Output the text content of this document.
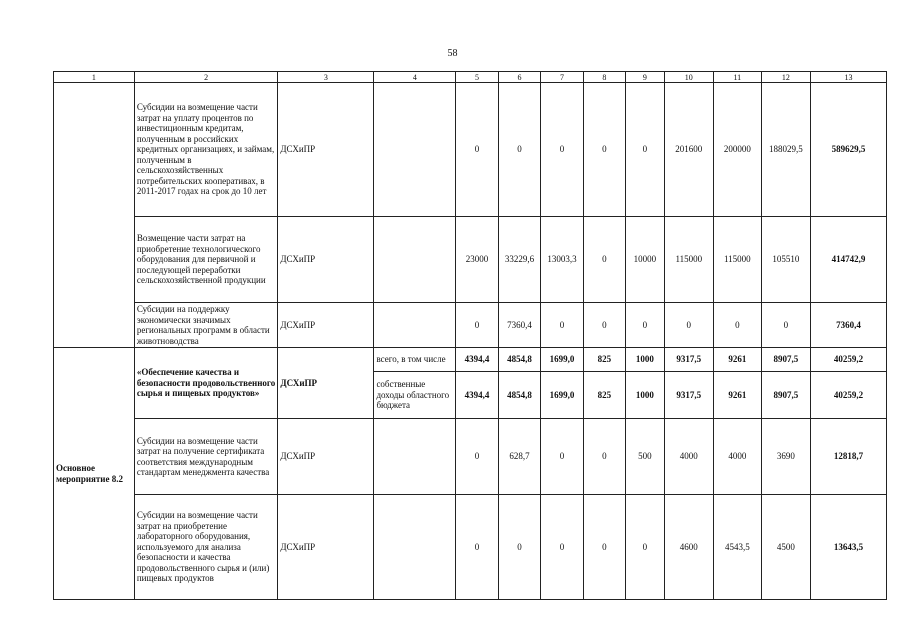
58
1	2	3	4	5	6	7	8	9	10	11	12	13
	Субсидии на возмещение части затрат на уплату процентов по инвестиционным кредитам, полученным в российских кредитных организациях, и займам, полученным в сельскохозяйственных потребительских кооперативах, в 2011-2017 годах на срок до 10 лет	ДСХиПР		0	0	0	0	0	201600	200000	188029,5	589629,5
	Возмещение части затрат на приобретение технологического оборудования для первичной и последующей переработки сельскохозяйственной продукции	ДСХиПР		23000	33229,6	13003,3	0	10000	115000	115000	105510	414742,9
	Субсидии на поддержку экономически значимых региональных программ в области животноводства	ДСХиПР		0	7360,4	0	0	0	0	0	0	7360,4
Основное мероприятие 8.2	«Обеспечение качества и безопасности продовольственного сырья и пищевых продуктов»	ДСХиПР	всего, в том числе	4394,4	4854,8	1699,0	825	1000	9317,5	9261	8907,5	40259,2
			собственные доходы областного бюджета	4394,4	4854,8	1699,0	825	1000	9317,5	9261	8907,5	40259,2
	Субсидии на возмещение части затрат на получение сертификата соответствия международным стандартам менеджмента качества	ДСХиПР		0	628,7	0	0	500	4000	4000	3690	12818,7
	Субсидии на возмещение части затрат на приобретение лабораторного оборудования, используемого для анализа безопасности и качества продовольственного сырья и (или) пищевых продуктов	ДСХиПР		0	0	0	0	0	4600	4543,5	4500	13643,5
